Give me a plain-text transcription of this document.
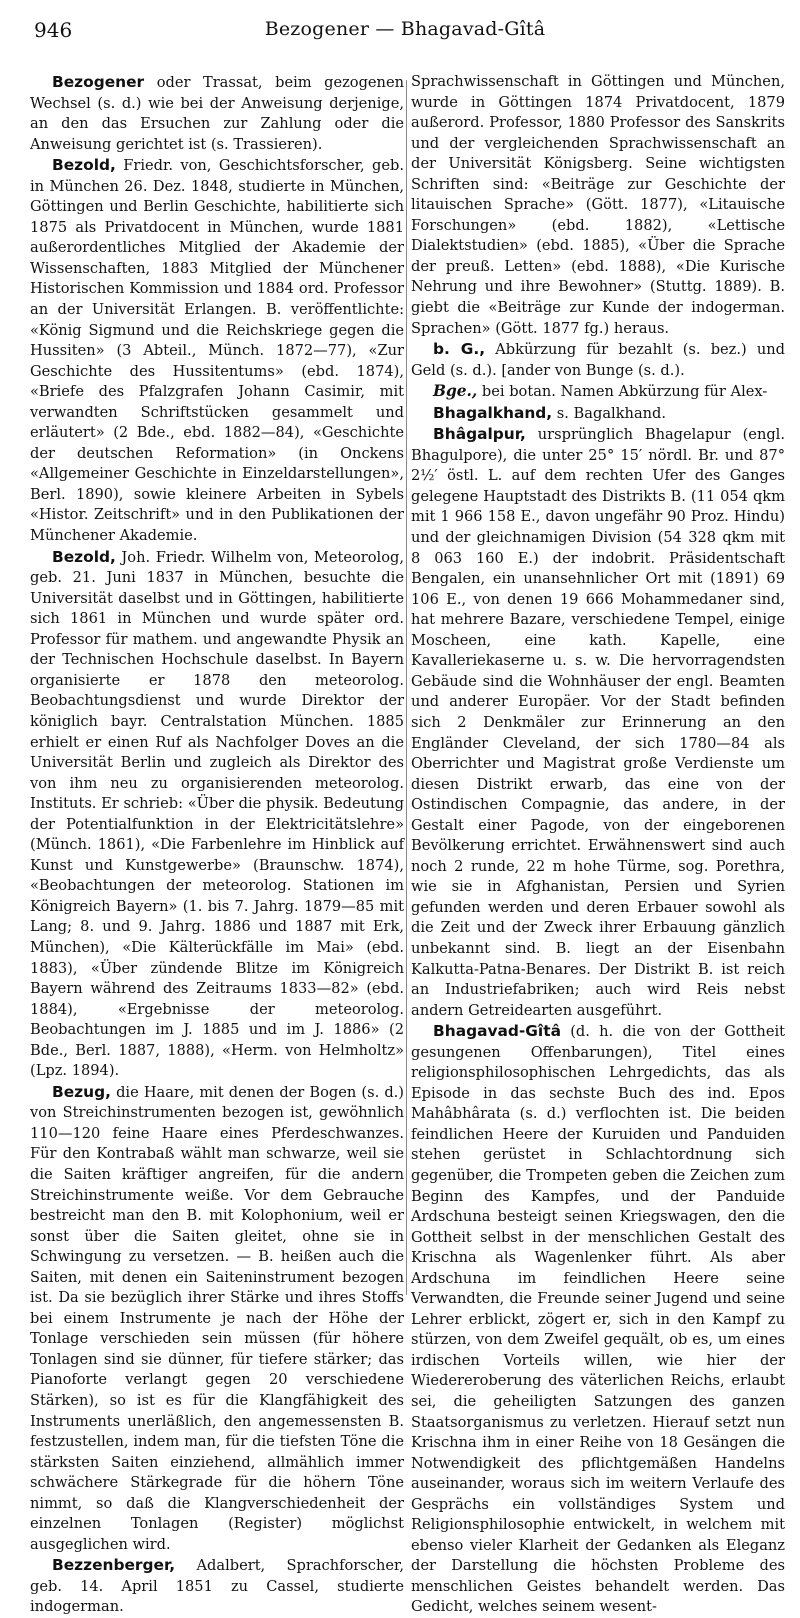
946	Bezogener — Bhagavad-Gîtâ

Bezogener oder Trassat, beim gezogenen Wechsel (s. d.) wie bei der Anweisung derjenige, an den das Ersuchen zur Zahlung oder die Anweisung gerichtet ist (s. Trassieren).

Bezold, Friedr. von, Geschichtsforscher, geb. in München 26. Dez. 1848, studierte in München, Göttingen und Berlin Geschichte, habilitierte sich 1875 als Privatdocent in München, wurde 1881 außerordentliches Mitglied der Akademie der Wissenschaften, 1883 Mitglied der Münchener Historischen Kommission und 1884 ord. Professor an der Universität Erlangen. B. veröffentlichte: «König Sigmund und die Reichskriege gegen die Hussiten» (3 Abteil., Münch. 1872—77), «Zur Geschichte des Hussitentums» (ebd. 1874), «Briefe des Pfalzgrafen Johann Casimir, mit verwandten Schriftstücken gesammelt und erläutert» (2 Bde., ebd. 1882—84), «Geschichte der deutschen Reformation» (in Onckens «Allgemeiner Geschichte in Einzeldarstellungen», Berl. 1890), sowie kleinere Arbeiten in Sybels «Histor. Zeitschrift» und in den Publikationen der Münchener Akademie.

Bezold, Joh. Friedr. Wilhelm von, Meteorolog, geb. 21. Juni 1837 in München, besuchte die Universität daselbst und in Göttingen, habilitierte sich 1861 in München und wurde später ord. Professor für mathem. und angewandte Physik an der Technischen Hochschule daselbst. In Bayern organisierte er 1878 den meteorolog. Beobachtungsdienst und wurde Direktor der königlich bayr. Centralstation München. 1885 erhielt er einen Ruf als Nachfolger Doves an die Universität Berlin und zugleich als Direktor des von ihm neu zu organisierenden meteorolog. Instituts. Er schrieb: «Über die physik. Bedeutung der Potentialfunktion in der Elektricitätslehre» (Münch. 1861), «Die Farbenlehre im Hinblick auf Kunst und Kunstgewerbe» (Braunschw. 1874), «Beobachtungen der meteorolog. Stationen im Königreich Bayern» (1. bis 7. Jahrg. 1879—85 mit Lang; 8. und 9. Jahrg. 1886 und 1887 mit Erk, München), «Die Kälterückfälle im Mai» (ebd. 1883), «Über zündende Blitze im Königreich Bayern während des Zeitraums 1833—82» (ebd. 1884), «Ergebnisse der meteorolog. Beobachtungen im J. 1885 und im J. 1886» (2 Bde., Berl. 1887, 1888), «Herm. von Helmholtz» (Lpz. 1894).

Bezug, die Haare, mit denen der Bogen (s. d.) von Streichinstrumenten bezogen ist, gewöhnlich 110—120 feine Haare eines Pferdeschwanzes. Für den Kontrabaß wählt man schwarze, weil sie die Saiten kräftiger angreifen, für die andern Streichinstrumente weiße. Vor dem Gebrauche bestreicht man den B. mit Kolophonium, weil er sonst über die Saiten gleitet, ohne sie in Schwingung zu versetzen. — B. heißen auch die Saiten, mit denen ein Saiteninstrument bezogen ist. Da sie bezüglich ihrer Stärke und ihres Stoffs bei einem Instrumente je nach der Höhe der Tonlage verschieden sein müssen (für höhere Tonlagen sind sie dünner, für tiefere stärker; das Pianoforte verlangt gegen 20 verschiedene Stärken), so ist es für die Klangfähigkeit des Instruments unerläßlich, den angemessensten B. festzustellen, indem man, für die tiefsten Töne die stärksten Saiten einziehend, allmählich immer schwächere Stärkegrade für die höhern Töne nimmt, so daß die Klangverschiedenheit der einzelnen Tonlagen (Register) möglichst ausgeglichen wird.

Bezzenberger, Adalbert, Sprachforscher, geb. 14. April 1851 zu Cassel, studierte indogerman.

Sprachwissenschaft in Göttingen und München, wurde in Göttingen 1874 Privatdocent, 1879 außerord. Professor, 1880 Professor des Sanskrits und der vergleichenden Sprachwissenschaft an der Universität Königsberg. Seine wichtigsten Schriften sind: «Beiträge zur Geschichte der litauischen Sprache» (Gött. 1877), «Litauische Forschungen» (ebd. 1882), «Lettische Dialektstudien» (ebd. 1885), «Über die Sprache der preuß. Letten» (ebd. 1888), «Die Kurische Nehrung und ihre Bewohner» (Stuttg. 1889). B. giebt die «Beiträge zur Kunde der indogerman. Sprachen» (Gött. 1877 fg.) heraus.

b. G., Abkürzung für bezahlt (s. bez.) und Geld (s. d.). [ander von Bunge (s. d.).

Bge., bei botan. Namen Abkürzung für Alex-

Bhagalkhand, s. Bagalkhand.

Bhâgalpur, ursprünglich Bhagelapur (engl. Bhagulpore), die unter 25° 15′ nördl. Br. und 87° 2½′ östl. L. auf dem rechten Ufer des Ganges gelegene Hauptstadt des Distrikts B. (11 054 qkm mit 1 966 158 E., davon ungefähr 90 Proz. Hindu) und der gleichnamigen Division (54 328 qkm mit 8 063 160 E.) der indobrit. Präsidentschaft Bengalen, ein unansehnlicher Ort mit (1891) 69 106 E., von denen 19 666 Mohammedaner sind, hat mehrere Bazare, verschiedene Tempel, einige Moscheen, eine kath. Kapelle, eine Kavalleriekaserne u. s. w. Die hervorragendsten Gebäude sind die Wohnhäuser der engl. Beamten und anderer Europäer. Vor der Stadt befinden sich 2 Denkmäler zur Erinnerung an den Engländer Cleveland, der sich 1780—84 als Oberrichter und Magistrat große Verdienste um diesen Distrikt erwarb, das eine von der Ostindischen Compagnie, das andere, in der Gestalt einer Pagode, von der eingeborenen Bevölkerung errichtet. Erwähnenswert sind auch noch 2 runde, 22 m hohe Türme, sog. Porethra, wie sie in Afghanistan, Persien und Syrien gefunden werden und deren Erbauer sowohl als die Zeit und der Zweck ihrer Erbauung gänzlich unbekannt sind. B. liegt an der Eisenbahn Kalkutta-Patna-Benares. Der Distrikt B. ist reich an Industriefabriken; auch wird Reis nebst andern Getreidearten ausgeführt.

Bhagavad-Gîtâ (d. h. die von der Gottheit gesungenen Offenbarungen), Titel eines religionsphilosophischen Lehrgedichts, das als Episode in das sechste Buch des ind. Epos Mahâbhârata (s. d.) verflochten ist. Die beiden feindlichen Heere der Kuruiden und Panduiden stehen gerüstet in Schlachtordnung sich gegenüber, die Trompeten geben die Zeichen zum Beginn des Kampfes, und der Panduide Ardschuna besteigt seinen Kriegswagen, den die Gottheit selbst in der menschlichen Gestalt des Krischna als Wagenlenker führt. Als aber Ardschuna im feindlichen Heere seine Verwandten, die Freunde seiner Jugend und seine Lehrer erblickt, zögert er, sich in den Kampf zu stürzen, von dem Zweifel gequält, ob es, um eines irdischen Vorteils willen, wie hier der Wiedereroberung des väterlichen Reichs, erlaubt sei, die geheiligten Satzungen des ganzen Staatsorganismus zu verletzen. Hierauf setzt nun Krischna ihm in einer Reihe von 18 Gesängen die Notwendigkeit des pflichtgemäßen Handelns auseinander, woraus sich im weitern Verlaufe des Gesprächs ein vollständiges System und Religionsphilosophie entwickelt, in welchem mit ebenso vieler Klarheit der Gedanken als Eleganz der Darstellung die höchsten Probleme des menschlichen Geistes behandelt werden. Das Gedicht, welches seinem wesent-
